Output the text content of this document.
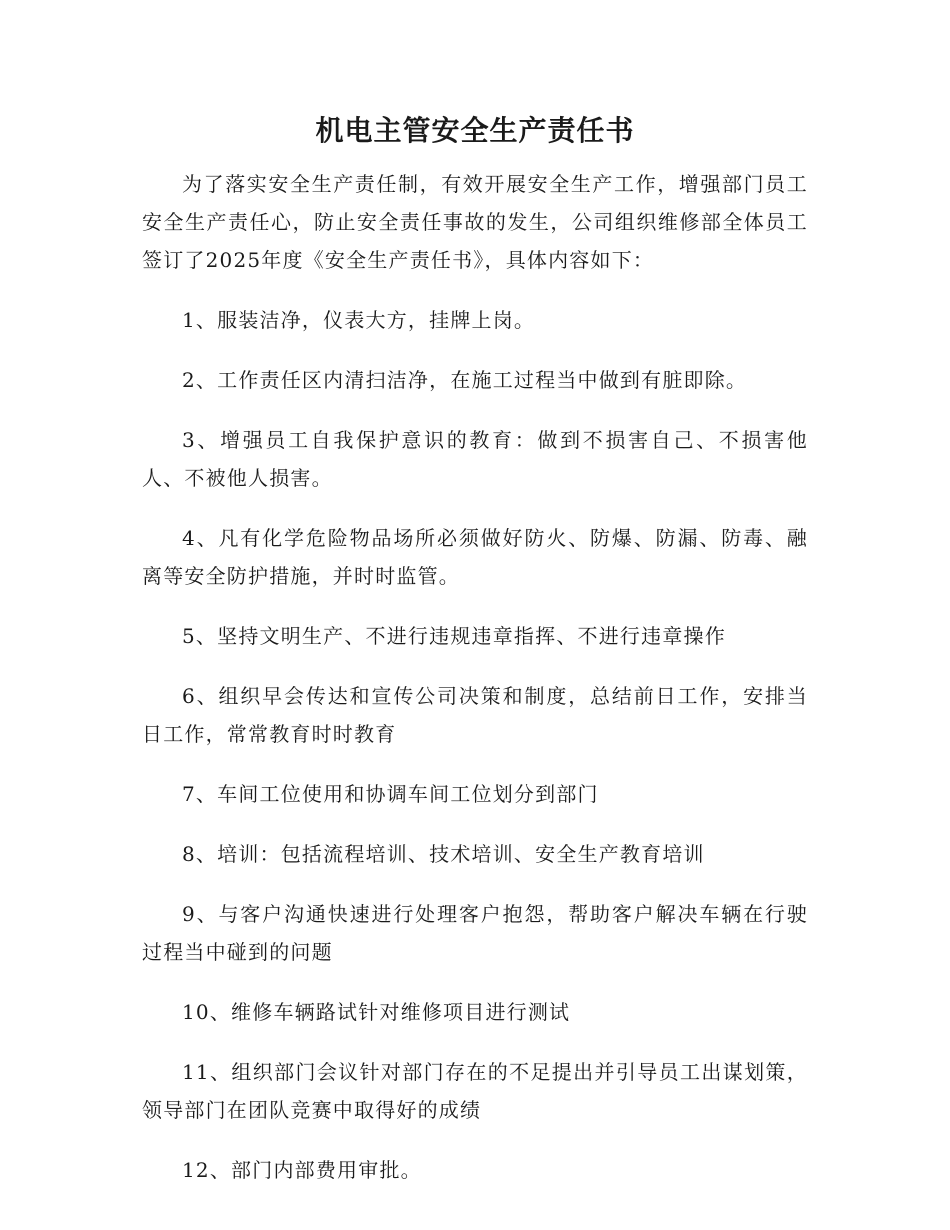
机电主管安全生产责任书

为了落实安全生产责任制，有效开展安全生产工作，增强部门员工安全生产责任心，防止安全责任事故的发生，公司组织维修部全体员工签订了2025年度《安全生产责任书》，具体内容如下：

1、服装洁净，仪表大方，挂牌上岗。

2、工作责任区内清扫洁净，在施工过程当中做到有脏即除。

3、增强员工自我保护意识的教育：做到不损害自己、不损害他人、不被他人损害。

4、凡有化学危险物品场所必须做好防火、防爆、防漏、防毒、融离等安全防护措施，并时时监管。

5、坚持文明生产、不进行违规违章指挥、不进行违章操作

6、组织早会传达和宣传公司决策和制度，总结前日工作，安排当日工作，常常教育时时教育

7、车间工位使用和协调车间工位划分到部门

8、培训：包括流程培训、技术培训、安全生产教育培训

9、与客户沟通快速进行处理客户抱怨，帮助客户解决车辆在行驶过程当中碰到的问题

10、维修车辆路试针对维修项目进行测试

11、组织部门会议针对部门存在的不足提出并引导员工出谋划策，领导部门在团队竞赛中取得好的成绩

12、部门内部费用审批。
